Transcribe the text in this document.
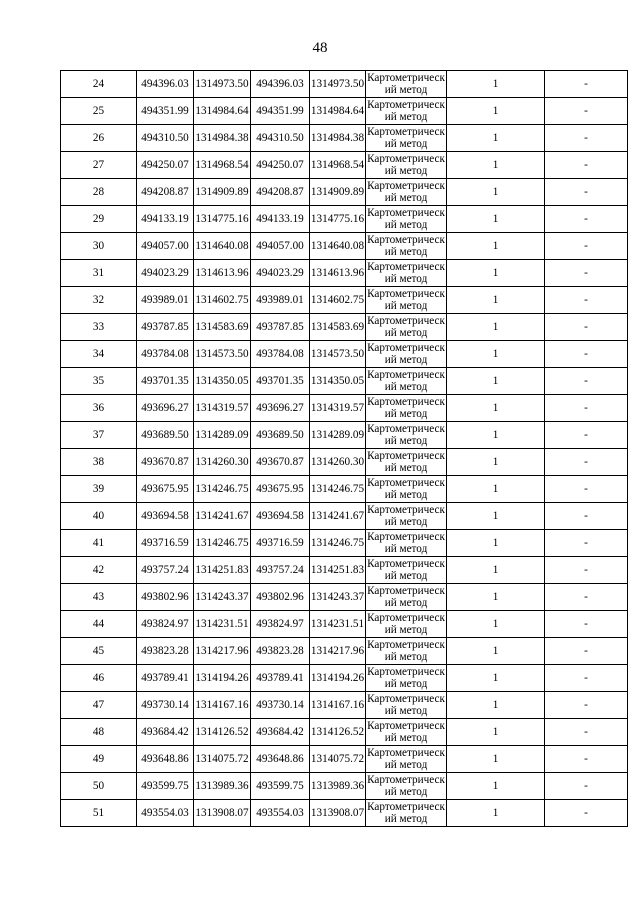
48
24	494396.03	1314973.50	494396.03	1314973.50	Картометрический метод	1	-
25	494351.99	1314984.64	494351.99	1314984.64	Картометрический метод	1	-
26	494310.50	1314984.38	494310.50	1314984.38	Картометрический метод	1	-
27	494250.07	1314968.54	494250.07	1314968.54	Картометрический метод	1	-
28	494208.87	1314909.89	494208.87	1314909.89	Картометрический метод	1	-
29	494133.19	1314775.16	494133.19	1314775.16	Картометрический метод	1	-
30	494057.00	1314640.08	494057.00	1314640.08	Картометрический метод	1	-
31	494023.29	1314613.96	494023.29	1314613.96	Картометрический метод	1	-
32	493989.01	1314602.75	493989.01	1314602.75	Картометрический метод	1	-
33	493787.85	1314583.69	493787.85	1314583.69	Картометрический метод	1	-
34	493784.08	1314573.50	493784.08	1314573.50	Картометрический метод	1	-
35	493701.35	1314350.05	493701.35	1314350.05	Картометрический метод	1	-
36	493696.27	1314319.57	493696.27	1314319.57	Картометрический метод	1	-
37	493689.50	1314289.09	493689.50	1314289.09	Картометрический метод	1	-
38	493670.87	1314260.30	493670.87	1314260.30	Картометрический метод	1	-
39	493675.95	1314246.75	493675.95	1314246.75	Картометрический метод	1	-
40	493694.58	1314241.67	493694.58	1314241.67	Картометрический метод	1	-
41	493716.59	1314246.75	493716.59	1314246.75	Картометрический метод	1	-
42	493757.24	1314251.83	493757.24	1314251.83	Картометрический метод	1	-
43	493802.96	1314243.37	493802.96	1314243.37	Картометрический метод	1	-
44	493824.97	1314231.51	493824.97	1314231.51	Картометрический метод	1	-
45	493823.28	1314217.96	493823.28	1314217.96	Картометрический метод	1	-
46	493789.41	1314194.26	493789.41	1314194.26	Картометрический метод	1	-
47	493730.14	1314167.16	493730.14	1314167.16	Картометрический метод	1	-
48	493684.42	1314126.52	493684.42	1314126.52	Картометрический метод	1	-
49	493648.86	1314075.72	493648.86	1314075.72	Картометрический метод	1	-
50	493599.75	1313989.36	493599.75	1313989.36	Картометрический метод	1	-
51	493554.03	1313908.07	493554.03	1313908.07	Картометрический метод	1	-
